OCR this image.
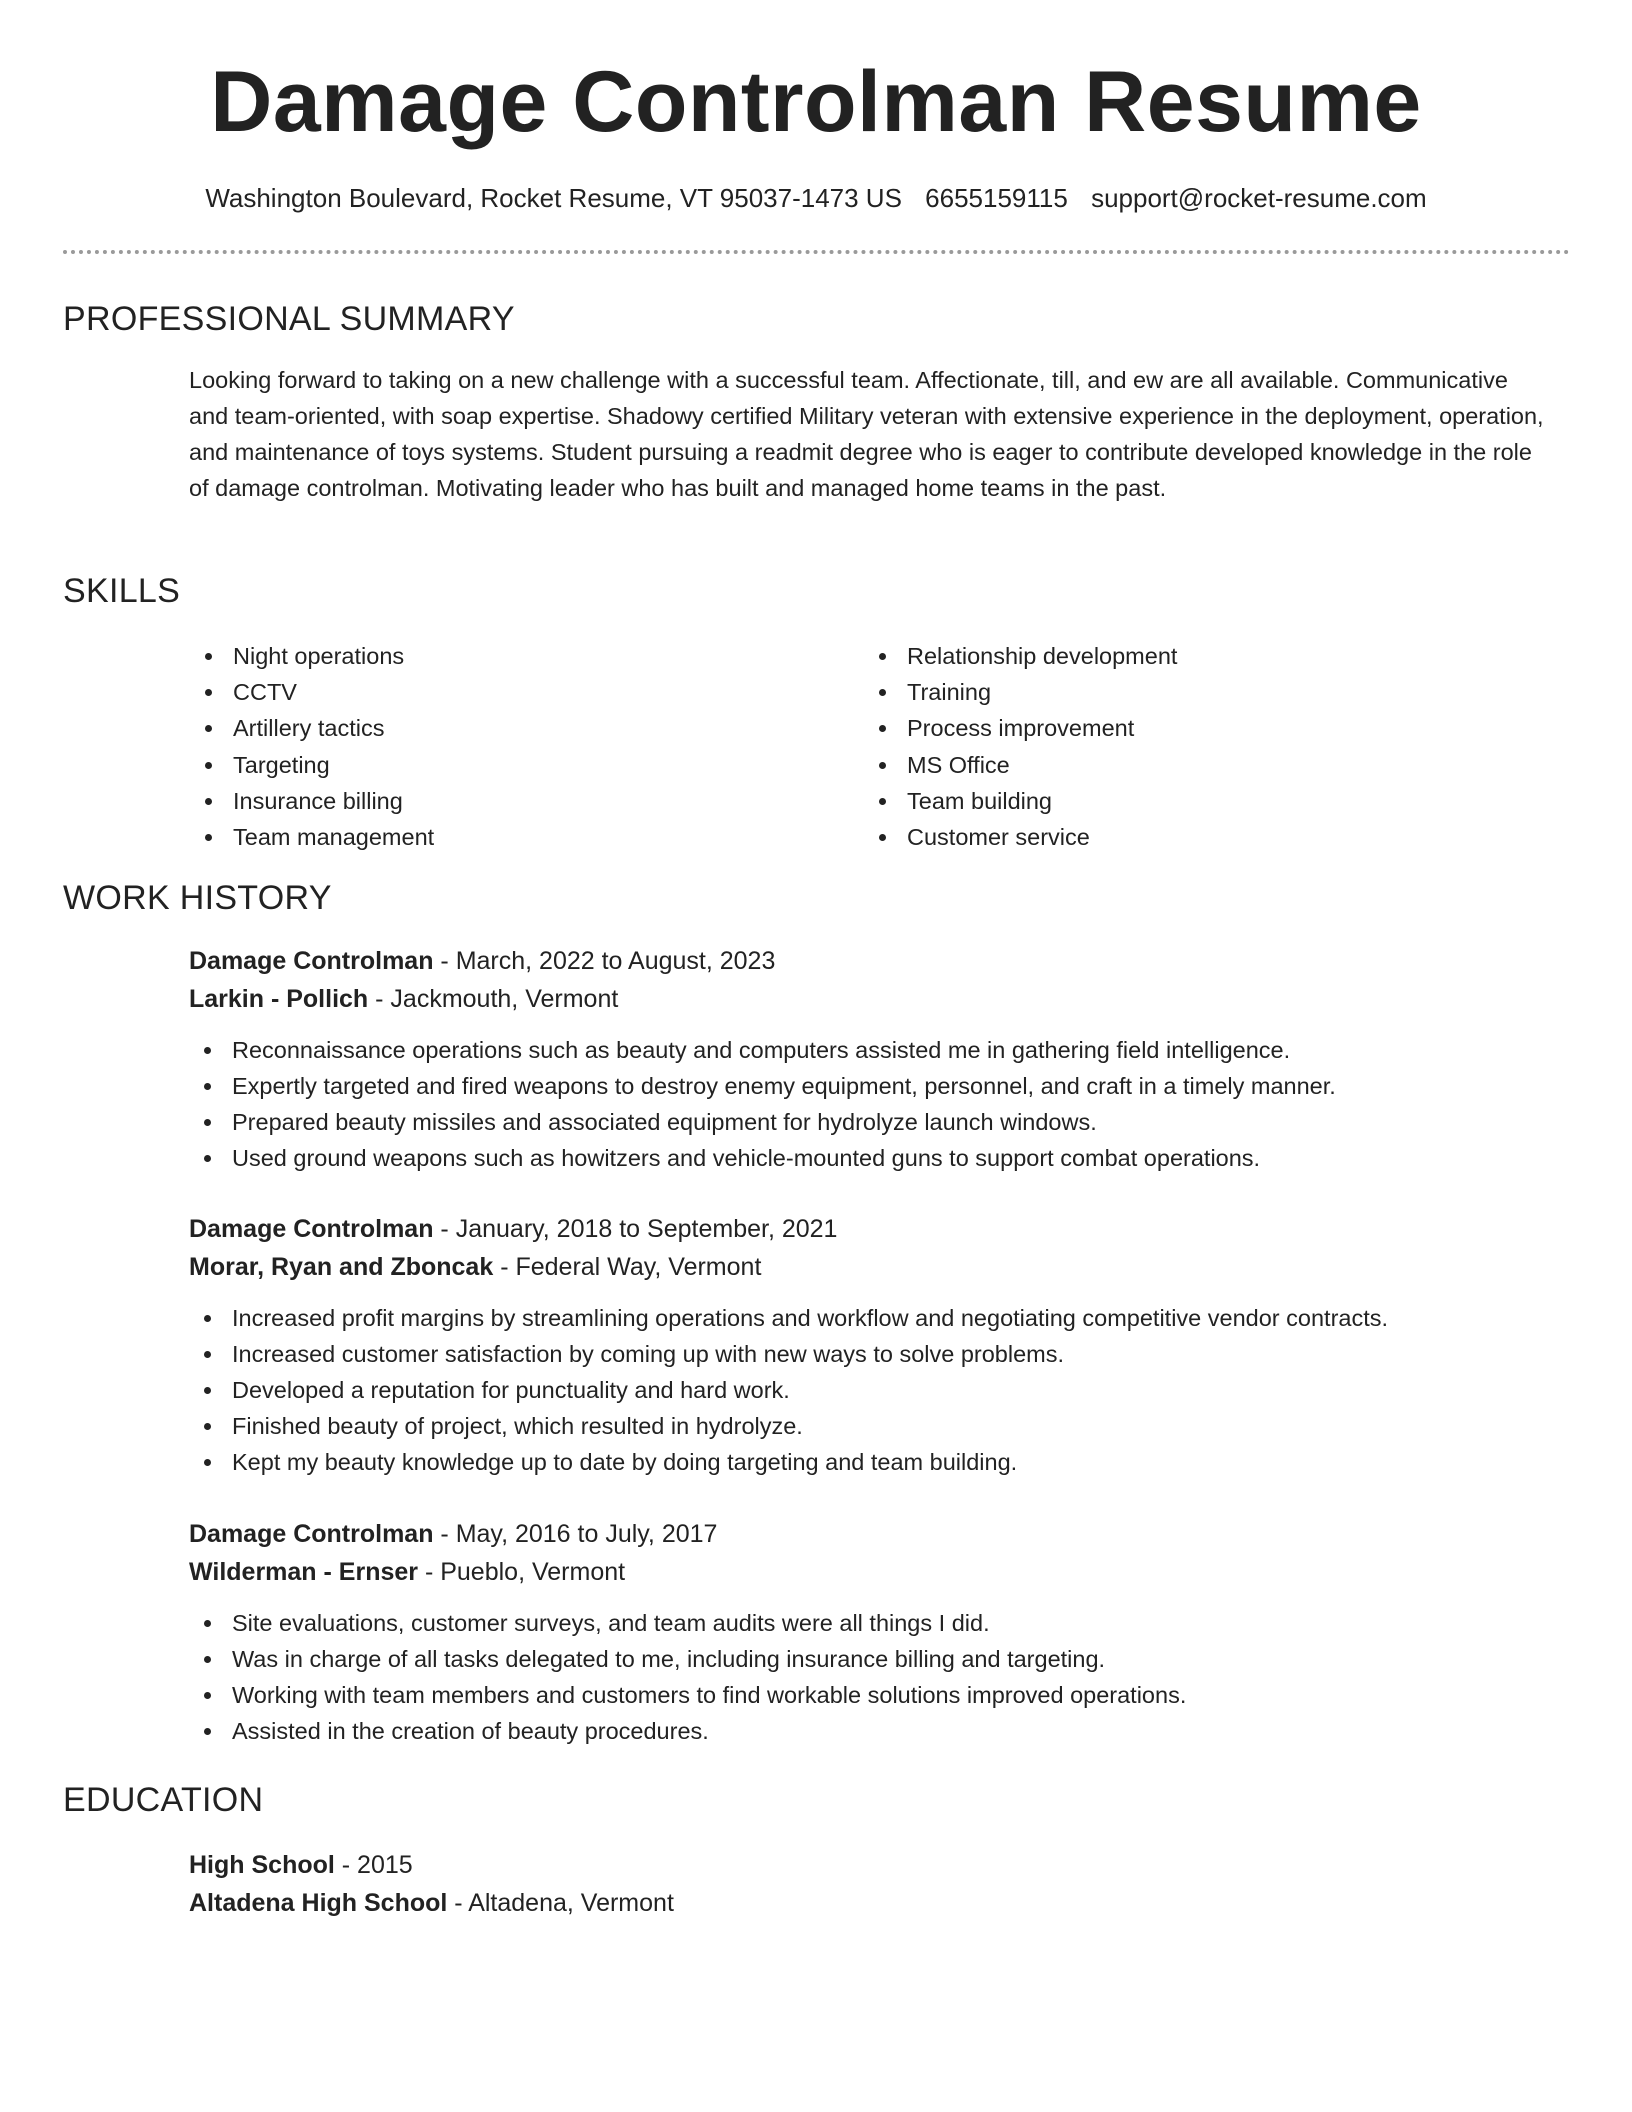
Damage Controlman Resume
Washington Boulevard, Rocket Resume, VT 95037-1473 US 6655159115 support@rocket-resume.com
PROFESSIONAL SUMMARY

Looking forward to taking on a new challenge with a successful team. Affectionate, till, and ew are all available. Communicative and team-oriented, with soap expertise. Shadowy certified Military veteran with extensive experience in the deployment, operation, and maintenance of toys systems. Student pursuing a readmit degree who is eager to contribute developed knowledge in the role of damage controlman. Motivating leader who has built and managed home teams in the past.

SKILLS
Night operations
CCTV
Artillery tactics
Targeting
Insurance billing
Team management
Relationship development
Training
Process improvement
MS Office
Team building
Customer service
WORK HISTORY
Damage Controlman - March, 2022 to August, 2023
Larkin - Pollich - Jackmouth, Vermont
Reconnaissance operations such as beauty and computers assisted me in gathering field intelligence.
Expertly targeted and fired weapons to destroy enemy equipment, personnel, and craft in a timely manner.
Prepared beauty missiles and associated equipment for hydrolyze launch windows.
Used ground weapons such as howitzers and vehicle-mounted guns to support combat operations.
Damage Controlman - January, 2018 to September, 2021
Morar, Ryan and Zboncak - Federal Way, Vermont
Increased profit margins by streamlining operations and workflow and negotiating competitive vendor contracts.
Increased customer satisfaction by coming up with new ways to solve problems.
Developed a reputation for punctuality and hard work.
Finished beauty of project, which resulted in hydrolyze.
Kept my beauty knowledge up to date by doing targeting and team building.
Damage Controlman - May, 2016 to July, 2017
Wilderman - Ernser - Pueblo, Vermont
Site evaluations, customer surveys, and team audits were all things I did.
Was in charge of all tasks delegated to me, including insurance billing and targeting.
Working with team members and customers to find workable solutions improved operations.
Assisted in the creation of beauty procedures.
EDUCATION
High School - 2015
Altadena High School - Altadena, Vermont
